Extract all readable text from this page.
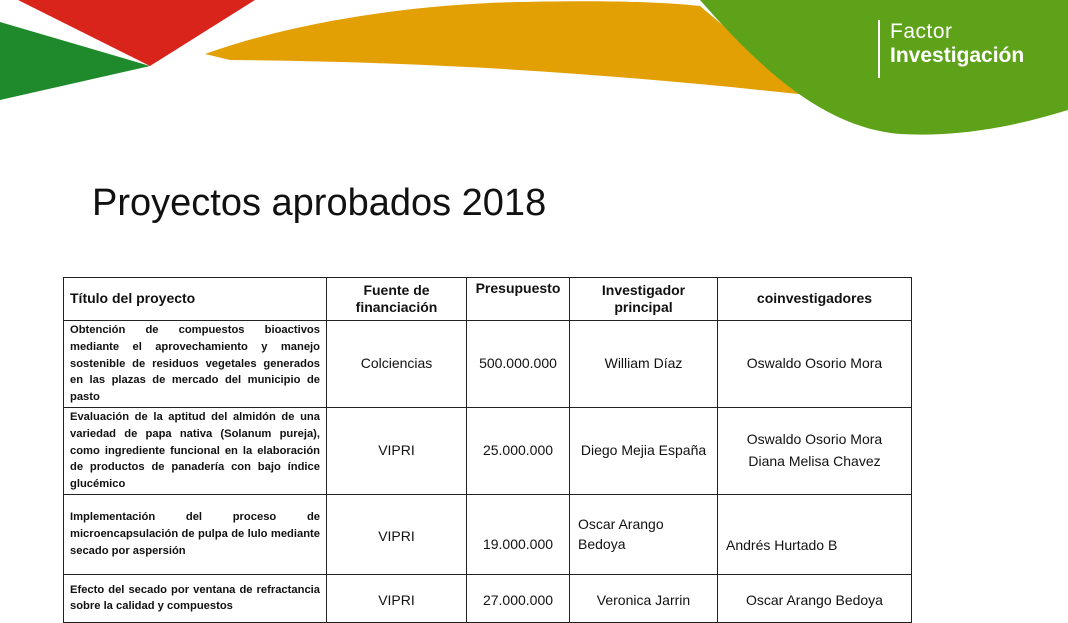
Factor
Investigación
Proyectos aprobados 2018
Título del proyecto	Fuente de financiación	Presupuesto	Investigador principal	coinvestigadores
Obtención de compuestos bioactivos mediante el aprovechamiento y manejo sostenible de residuos vegetales generados en las plazas de mercado del municipio de pasto	Colciencias	500.000.000	William Díaz	Oswaldo Osorio Mora

Evaluación de la aptitud del almidón de una variedad de papa nativa (Solanum pureja), como ingrediente funcional en la elaboración de productos de panadería con bajo índice glucémico	VIPRI	25.000.000	Diego Mejia España	Oswaldo Osorio Mora
Diana Melisa Chavez

Implementación del proceso de microencapsulación de pulpa de lulo mediante secado por aspersión	VIPRI	19.000.000	Oscar Arango Bedoya	Andrés Hurtado B

Efecto del secado por ventana de refractancia sobre la calidad y compuestos	VIPRI	27.000.000	Veronica Jarrin	Oscar Arango Bedoya
